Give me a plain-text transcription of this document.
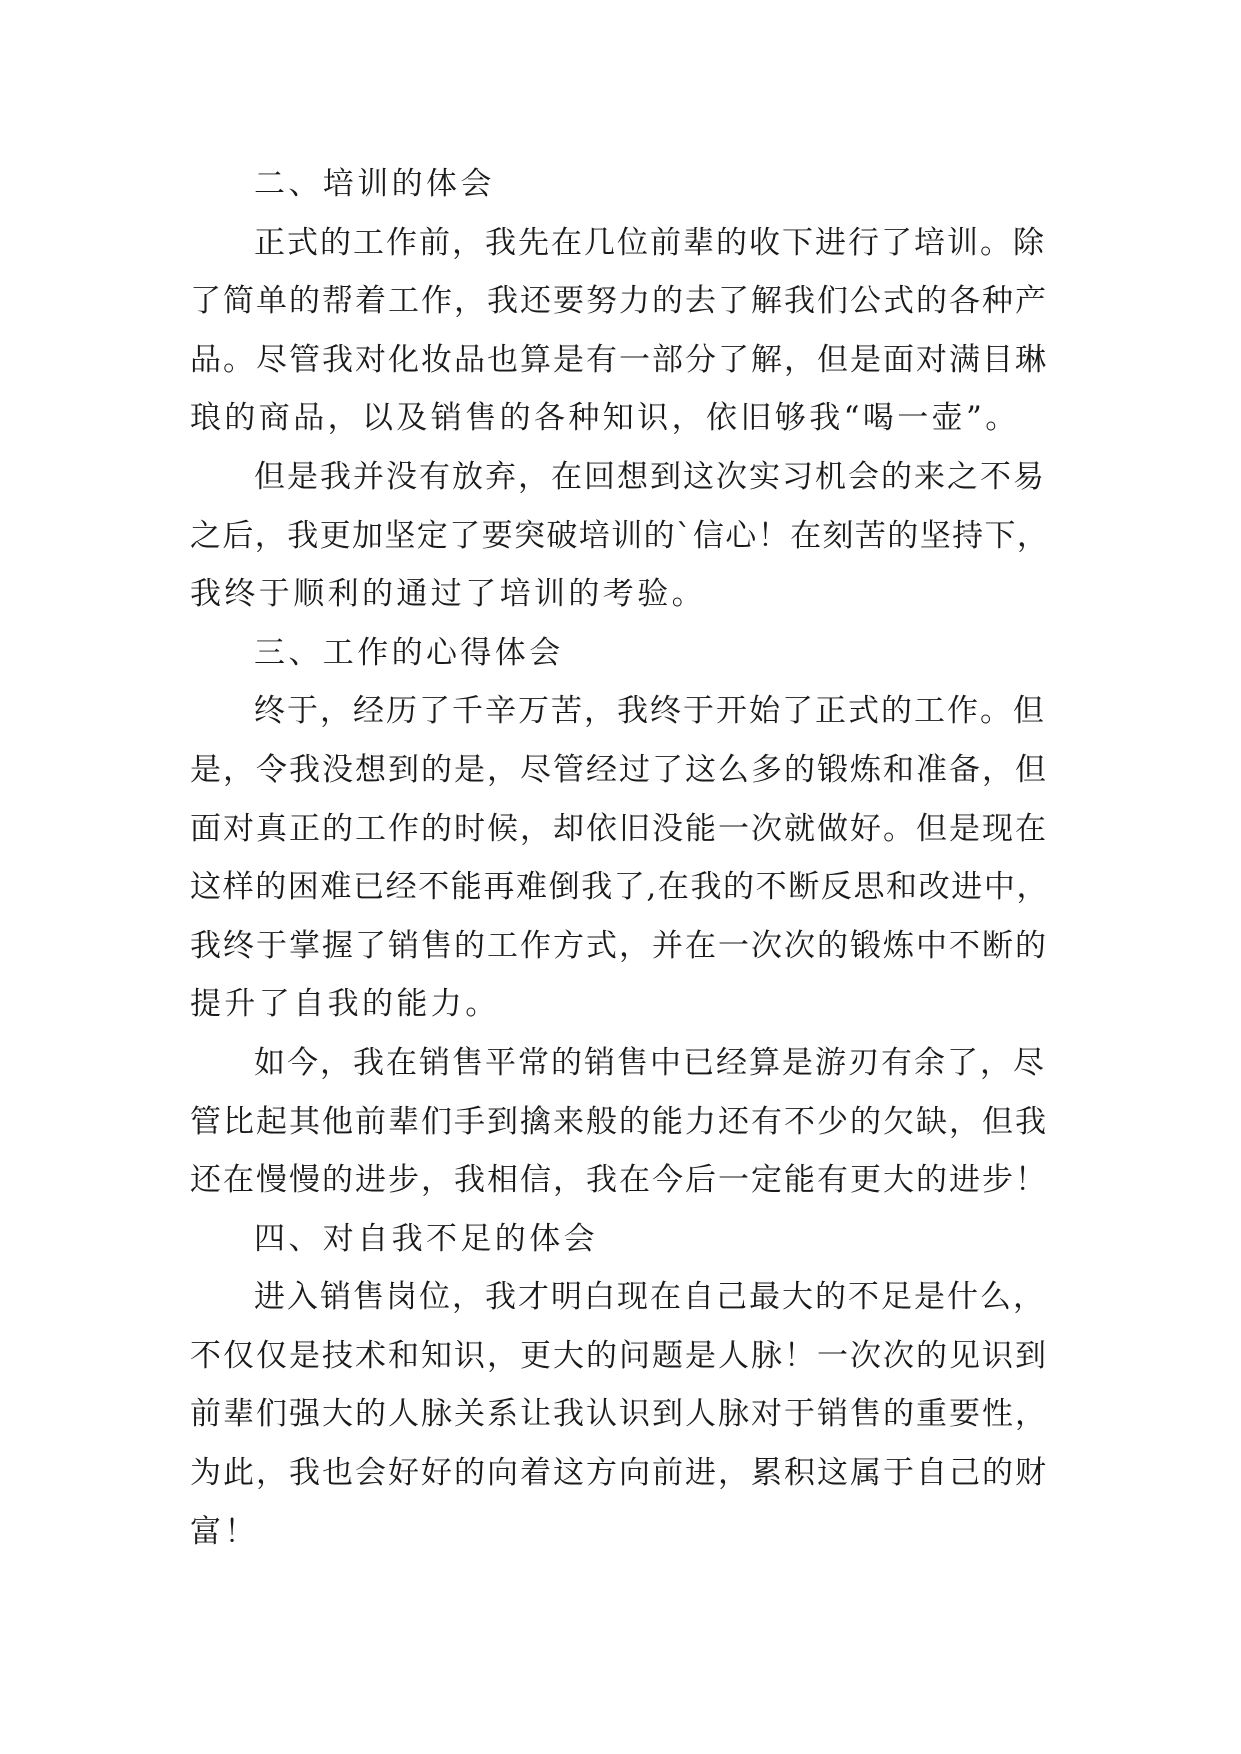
二、培训的体会
正式的工作前，我先在几位前辈的收下进行了培训。除
了简单的帮着工作，我还要努力的去了解我们公式的各种产
品。尽管我对化妆品也算是有一部分了解，但是面对满目琳
琅的商品，以及销售的各种知识，依旧够我“喝一壶”。
但是我并没有放弃，在回想到这次实习机会的来之不易
之后，我更加坚定了要突破培训的`信心！在刻苦的坚持下，
我终于顺利的通过了培训的考验。
三、工作的心得体会
终于，经历了千辛万苦，我终于开始了正式的工作。但
是，令我没想到的是，尽管经过了这么多的锻炼和准备，但
面对真正的工作的时候，却依旧没能一次就做好。但是现在
这样的困难已经不能再难倒我了,在我的不断反思和改进中，
我终于掌握了销售的工作方式，并在一次次的锻炼中不断的
提升了自我的能力。
如今，我在销售平常的销售中已经算是游刃有余了，尽
管比起其他前辈们手到擒来般的能力还有不少的欠缺，但我
还在慢慢的进步，我相信，我在今后一定能有更大的进步！
四、对自我不足的体会
进入销售岗位，我才明白现在自己最大的不足是什么，
不仅仅是技术和知识，更大的问题是人脉！一次次的见识到
前辈们强大的人脉关系让我认识到人脉对于销售的重要性，
为此，我也会好好的向着这方向前进，累积这属于自己的财
富！
